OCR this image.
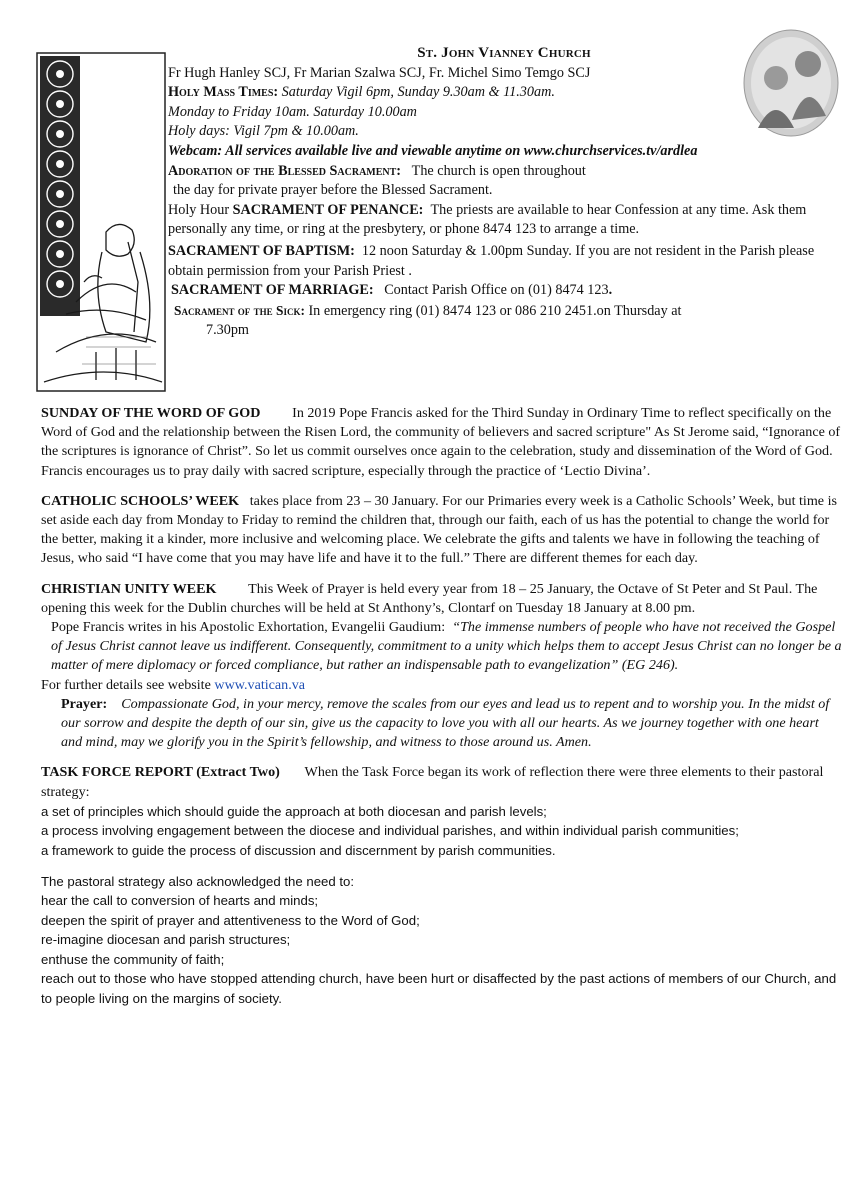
St. John Vianney Church

Fr Hugh Hanley SCJ, Fr Marian Szalwa SCJ, Fr. Michel Simo Temgo SCJ

Holy Mass Times: Saturday Vigil 6pm, Sunday 9.30am & 11.30am.

Monday to Friday 10am. Saturday 10.00am

Holy days: Vigil 7pm & 10.00am.

Webcam: All services available live and viewable anytime on www.churchservices.tv/ardlea

Adoration of the Blessed Sacrament: The church is open throughout

the day for private prayer before the Blessed Sacrament.

Holy Hour SACRAMENT OF PENANCE: The priests are available to hear Confession at any time. Ask them personally any time, or ring at the presbytery, or phone 8474 123 to arrange a time.

SACRAMENT OF BAPTISM: 12 noon Saturday & 1.00pm Sunday. If you are not resident in the Parish please obtain permission from your Parish Priest .

SACRAMENT OF MARRIAGE: Contact Parish Office on (01) 8474 123.

Sacrament of the Sick: In emergency ring (01) 8474 123 or 086 210 2451.on Thursday at

7.30pm

SUNDAY OF THE WORD OF GOD In 2019 Pope Francis asked for the Third Sunday in Ordinary Time to reflect specifically on the Word of God and the relationship between the Risen Lord, the community of believers and sacred scripture" As St Jerome said, “Ignorance of the scriptures is ignorance of Christ”. So let us commit ourselves once again to the celebration, study and dissemination of the Word of God. Francis encourages us to pray daily with sacred scripture, especially through the practice of ‘Lectio Divina’.

CATHOLIC SCHOOLS’ WEEK takes place from 23 – 30 January. For our Primaries every week is a Catholic Schools’ Week, but time is set aside each day from Monday to Friday to remind the children that, through our faith, each of us has the potential to change the world for the better, making it a kinder, more inclusive and welcoming place. We celebrate the gifts and talents we have in following the teaching of Jesus, who said “I have come that you may have life and have it to the full.” There are different themes for each day.

CHRISTIAN UNITY WEEK This Week of Prayer is held every year from 18 – 25 January, the Octave of St Peter and St Paul. The opening this week for the Dublin churches will be held at St Anthony’s, Clontarf on Tuesday 18 January at 8.00 pm.

Pope Francis writes in his Apostolic Exhortation, Evangelii Gaudium: “The immense numbers of people who have not received the Gospel of Jesus Christ cannot leave us indifferent. Consequently, commitment to a unity which helps them to accept Jesus Christ can no longer be a matter of mere diplomacy or forced compliance, but rather an indispensable path to evangelization” (EG 246).

For further details see website www.vatican.va

Prayer: Compassionate God, in your mercy, remove the scales from our eyes and lead us to repent and to worship you. In the midst of our sorrow and despite the depth of our sin, give us the capacity to love you with all our hearts. As we journey together with one heart and mind, may we glorify you in the Spirit’s fellowship, and witness to those around us. Amen.

TASK FORCE REPORT (Extract Two) When the Task Force began its work of reflection there were three elements to their pastoral strategy:

a set of principles which should guide the approach at both diocesan and parish levels;

a process involving engagement between the diocese and individual parishes, and within individual parish communities;

a framework to guide the process of discussion and discernment by parish communities.

The pastoral strategy also acknowledged the need to:

hear the call to conversion of hearts and minds;

deepen the spirit of prayer and attentiveness to the Word of God;

re-imagine diocesan and parish structures;

enthuse the community of faith;

reach out to those who have stopped attending church, have been hurt or disaffected by the past actions of members of our Church, and to people living on the margins of society.
